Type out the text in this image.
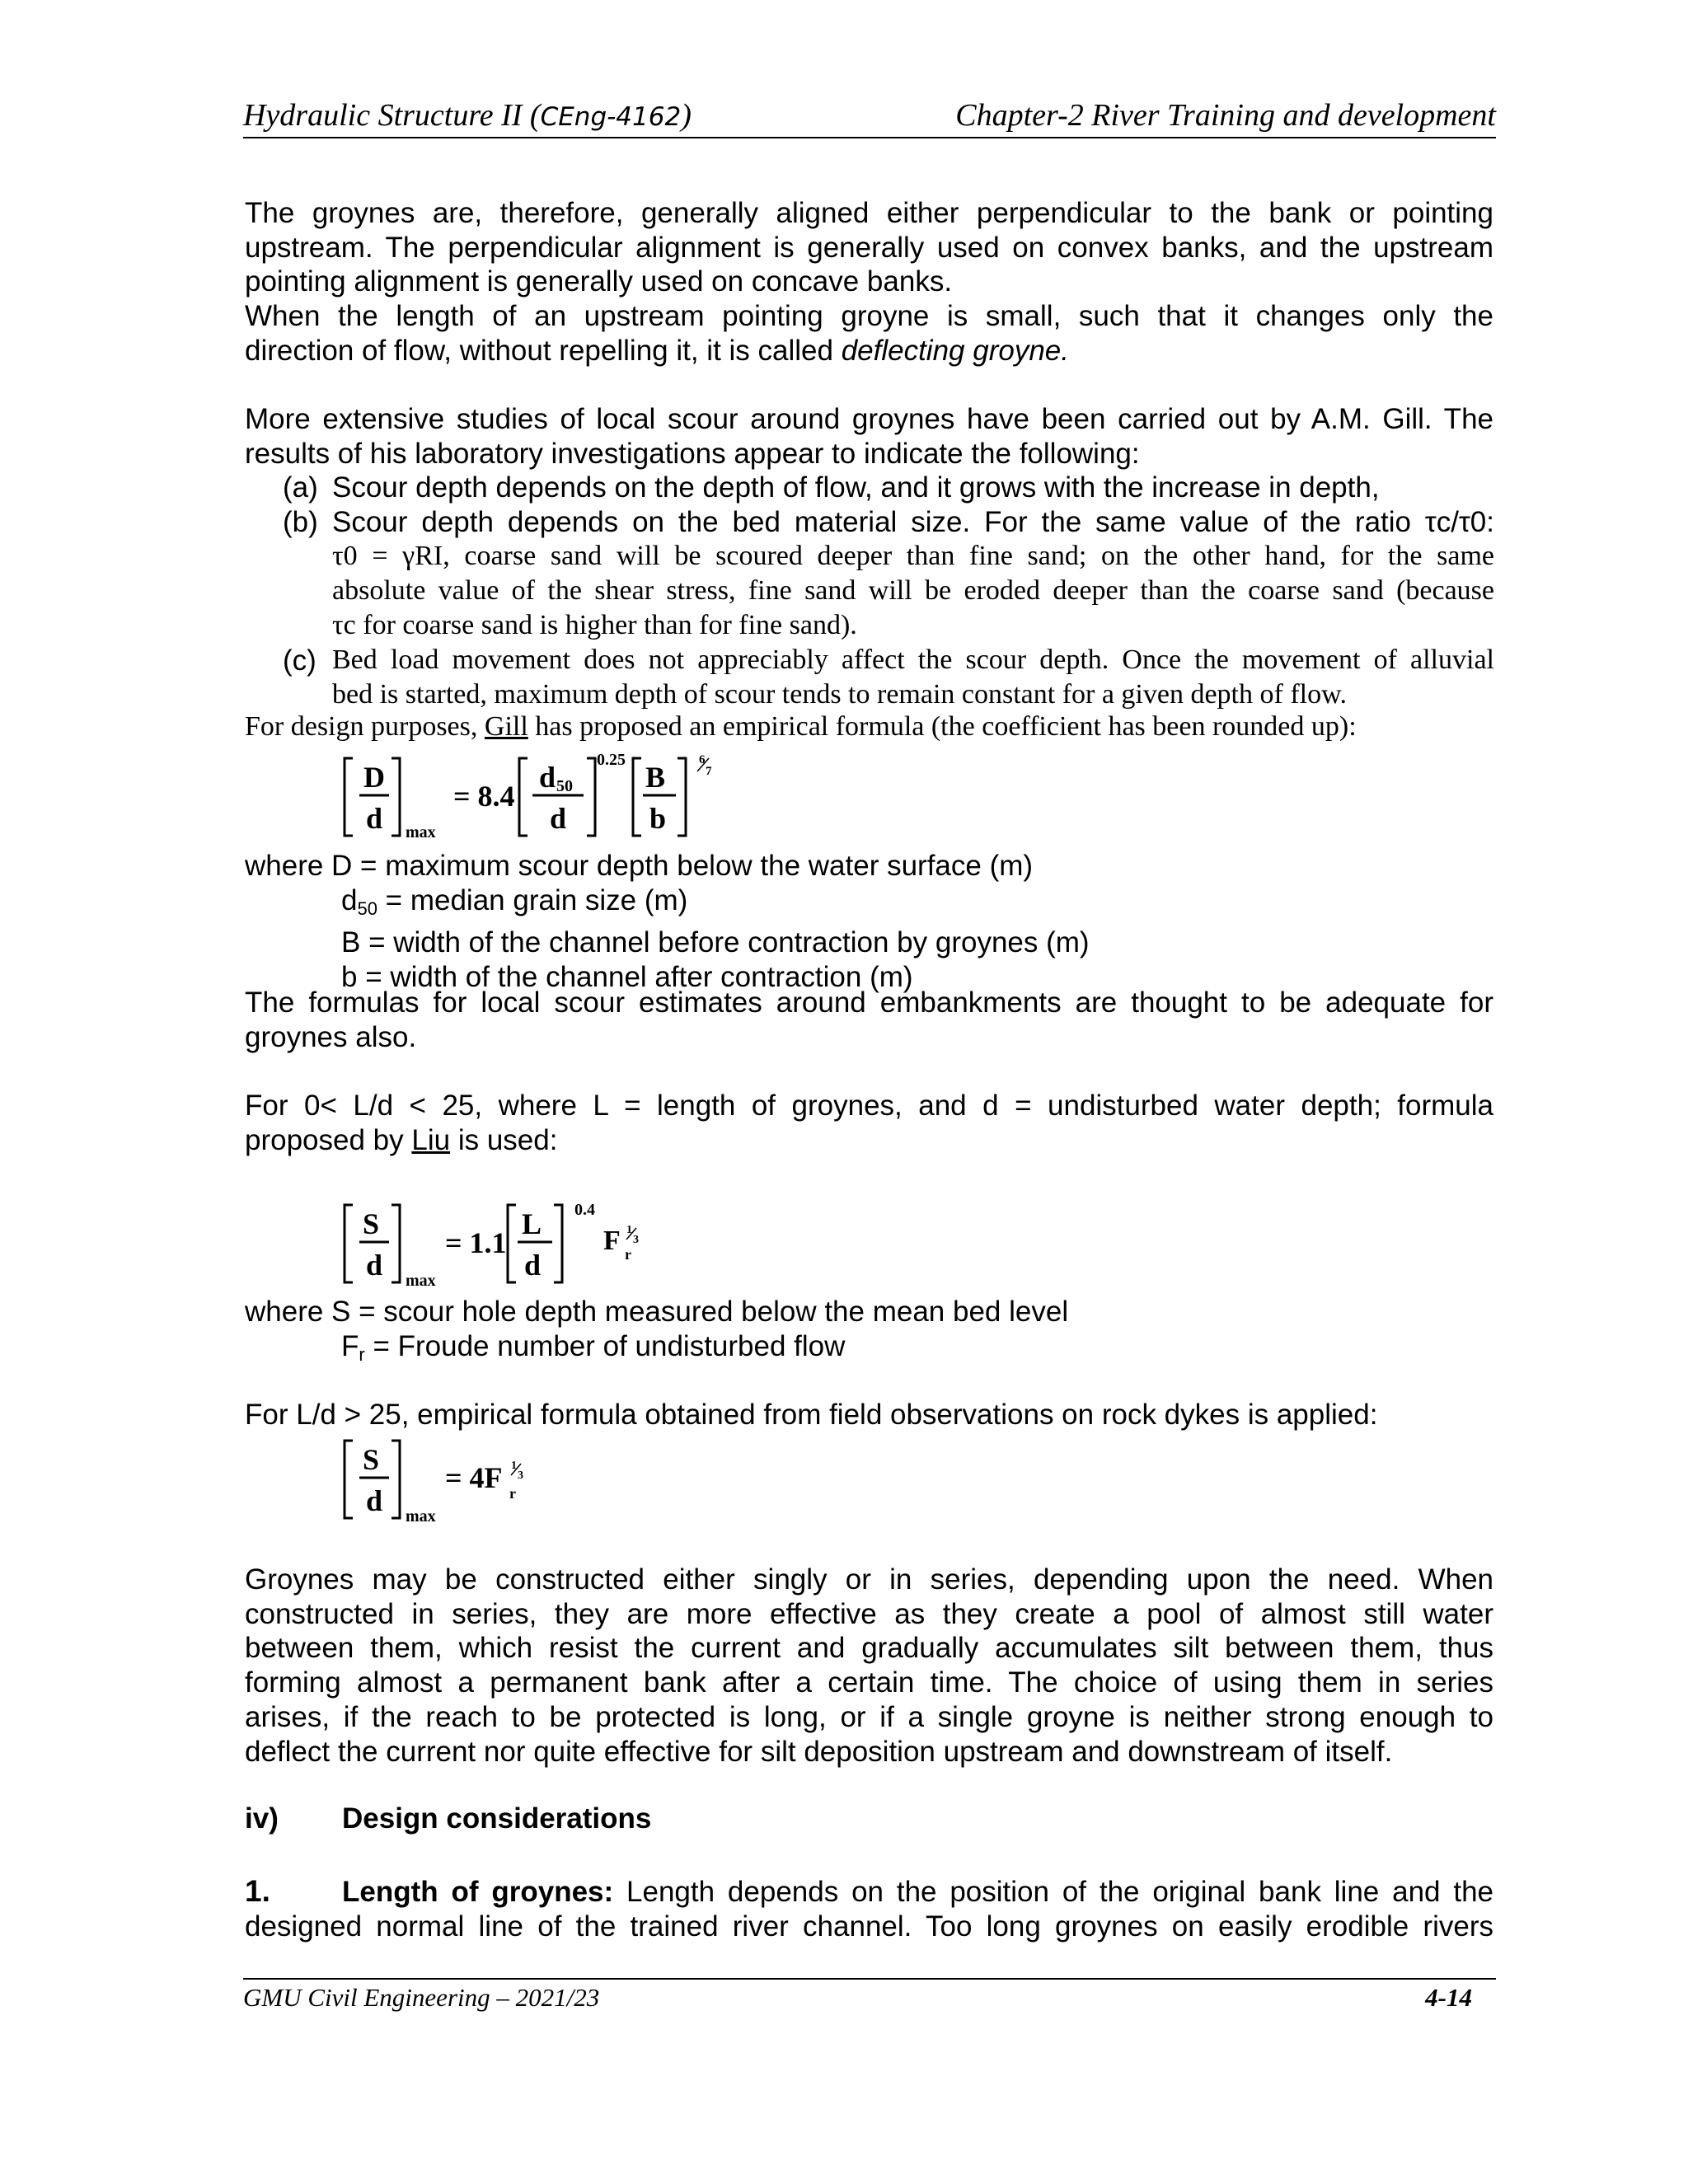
Hydraulic Structure II (CEng-4162)	Chapter-2 River Training and development
The groynes are, therefore, generally aligned either perpendicular to the bank or pointing
upstream. The perpendicular alignment is generally used on convex banks, and the upstream
pointing alignment is generally used on concave banks.
When the length of an upstream pointing groyne is small, such that it changes only the
direction of flow, without repelling it, it is called deflecting groyne.
More extensive studies of local scour around groynes have been carried out by A.M. Gill. The
results of his laboratory investigations appear to indicate the following:
(a) Scour depth depends on the depth of flow, and it grows with the increase in depth,
(b) Scour depth depends on the bed material size. For the same value of the ratio τc/τ0:
τ0 = γRI, coarse sand will be scoured deeper than fine sand; on the other hand, for the same
absolute value of the shear stress, fine sand will be eroded deeper than the coarse sand (because
τc for coarse sand is higher than for fine sand).
(c) Bed load movement does not appreciably affect the scour depth. Once the movement of alluvial
bed is started, maximum depth of scour tends to remain constant for a given depth of flow.
For design purposes, Gill has proposed an empirical formula (the coefficient has been rounded up):
D
d max
= 8.4
d 50
d
0.25
B
b
6
7
where D = maximum scour depth below the water surface (m)
d50 = median grain size (m)
B = width of the channel before contraction by groynes (m)
b = width of the channel after contraction (m)
The formulas for local scour estimates around embankments are thought to be adequate for
groynes also.
For 0< L/d < 25, where L = length of groynes, and d = undisturbed water depth; formula
proposed by Liu is used:
S
d max
= 1.1
L
d
0.4
F r
1
3
where S = scour hole depth measured below the mean bed level
Fr = Froude number of undisturbed flow
For L/d > 25, empirical formula obtained from field observations on rock dykes is applied:
S
d max
= 4F r
1
3
Groynes may be constructed either singly or in series, depending upon the need. When
constructed in series, they are more effective as they create a pool of almost still water
between them, which resist the current and gradually accumulates silt between them, thus
forming almost a permanent bank after a certain time. The choice of using them in series
arises, if the reach to be protected is long, or if a single groyne is neither strong enough to
deflect the current nor quite effective for silt deposition upstream and downstream of itself.
iv) Design considerations
1. Length of groynes: Length depends on the position of the original bank line and the
designed normal line of the trained river channel. Too long groynes on easily erodible rivers
GMU Civil Engineering – 2021/23	4-14
